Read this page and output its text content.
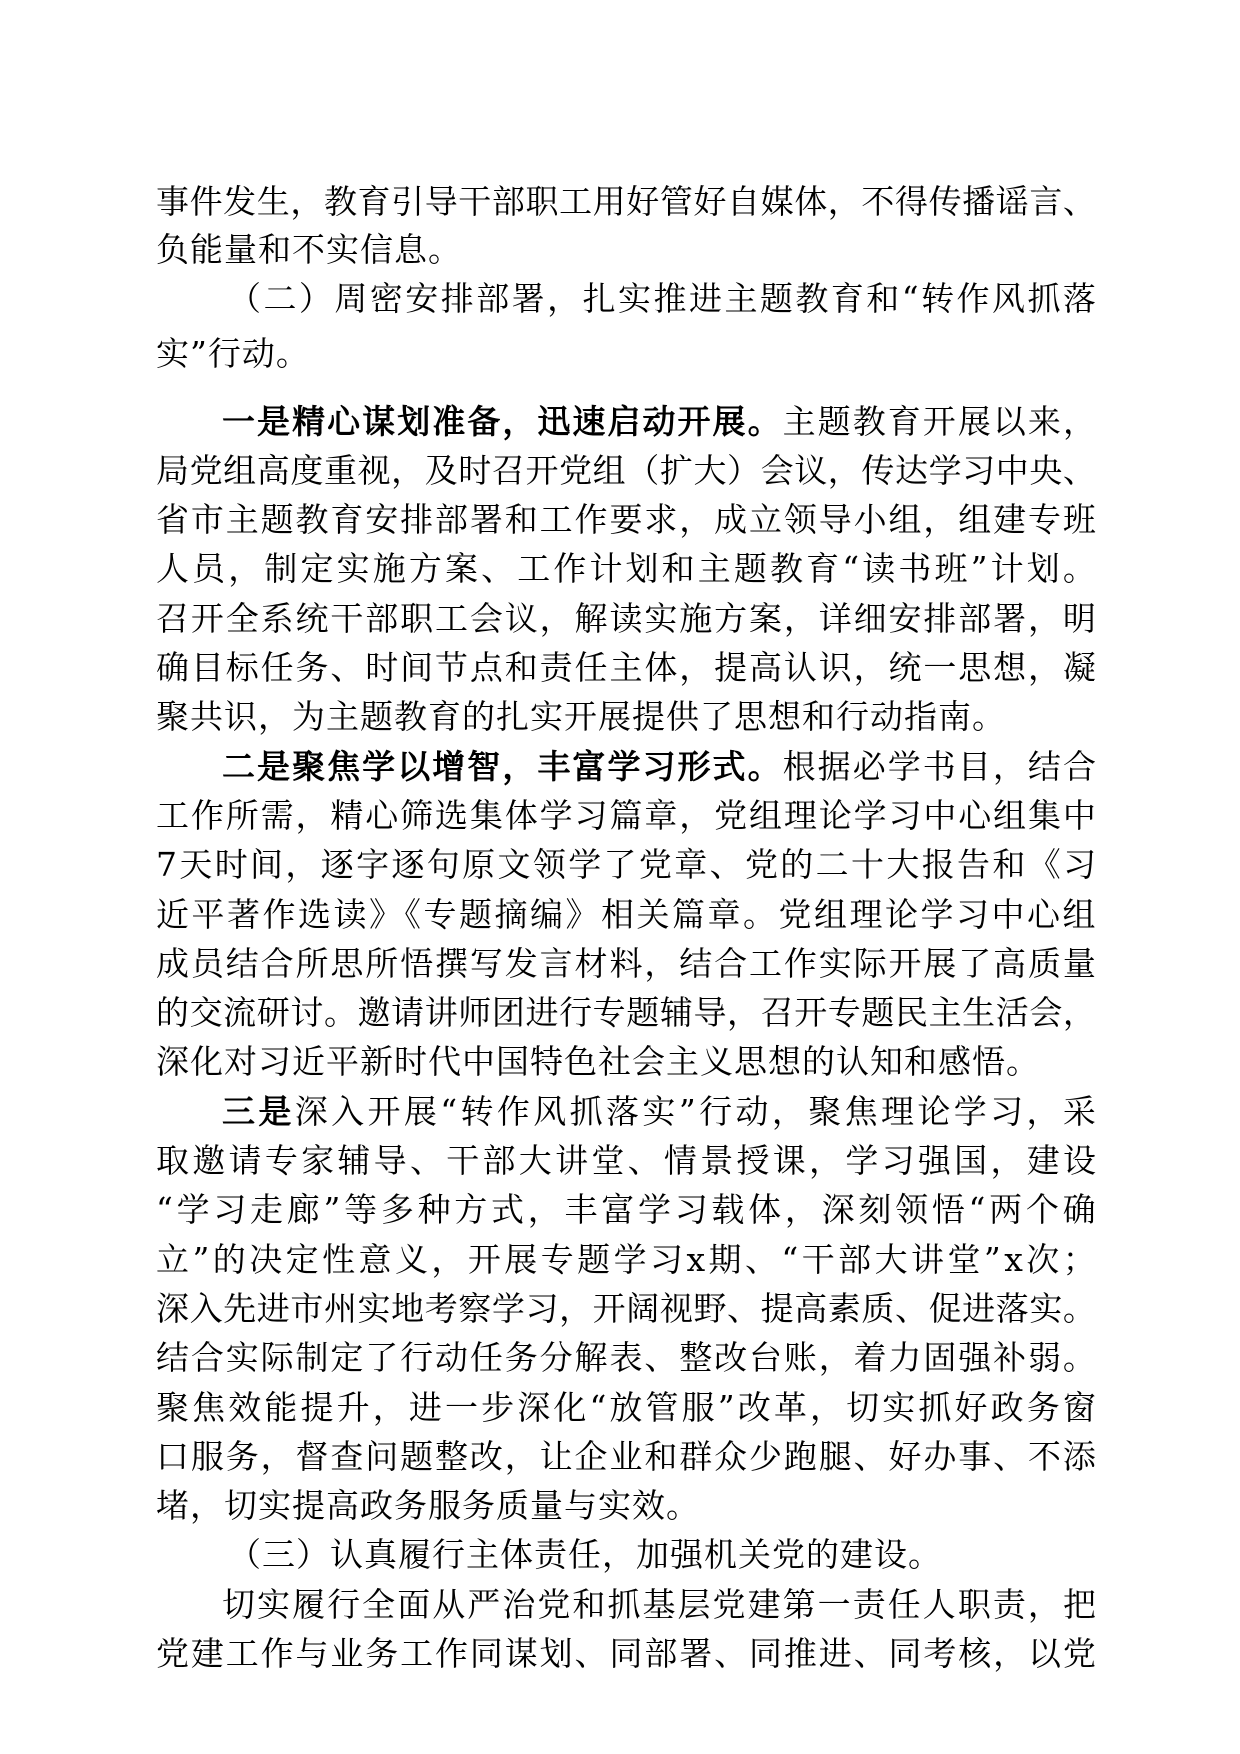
事件发生，教育引导干部职工用好管好自媒体，不得传播谣言、
负能量和不实信息。
（二）周密安排部署，扎实推进主题教育和“转作风抓落
实”行动。
一是精心谋划准备，迅速启动开展。主题教育开展以来，
局党组高度重视，及时召开党组（扩大）会议，传达学习中央、
省市主题教育安排部署和工作要求，成立领导小组，组建专班
人员，制定实施方案、工作计划和主题教育“读书班”计划。
召开全系统干部职工会议，解读实施方案，详细安排部署，明
确目标任务、时间节点和责任主体，提高认识，统一思想，凝
聚共识，为主题教育的扎实开展提供了思想和行动指南。
二是聚焦学以增智，丰富学习形式。根据必学书目，结合
工作所需，精心筛选集体学习篇章，党组理论学习中心组集中
7天时间，逐字逐句原文领学了党章、党的二十大报告和《习
近平著作选读》《专题摘编》相关篇章。党组理论学习中心组
成员结合所思所悟撰写发言材料，结合工作实际开展了高质量
的交流研讨。邀请讲师团进行专题辅导，召开专题民主生活会，
深化对习近平新时代中国特色社会主义思想的认知和感悟。
三是深入开展“转作风抓落实”行动，聚焦理论学习，采
取邀请专家辅导、干部大讲堂、情景授课，学习强国，建设
“学习走廊”等多种方式，丰富学习载体，深刻领悟“两个确
立”的决定性意义，开展专题学习x期、“干部大讲堂”x次；
深入先进市州实地考察学习，开阔视野、提高素质、促进落实。
结合实际制定了行动任务分解表、整改台账，着力固强补弱。
聚焦效能提升，进一步深化“放管服”改革，切实抓好政务窗
口服务，督查问题整改，让企业和群众少跑腿、好办事、不添
堵，切实提高政务服务质量与实效。
（三）认真履行主体责任，加强机关党的建设。
切实履行全面从严治党和抓基层党建第一责任人职责，把
党建工作与业务工作同谋划、同部署、同推进、同考核，以党
